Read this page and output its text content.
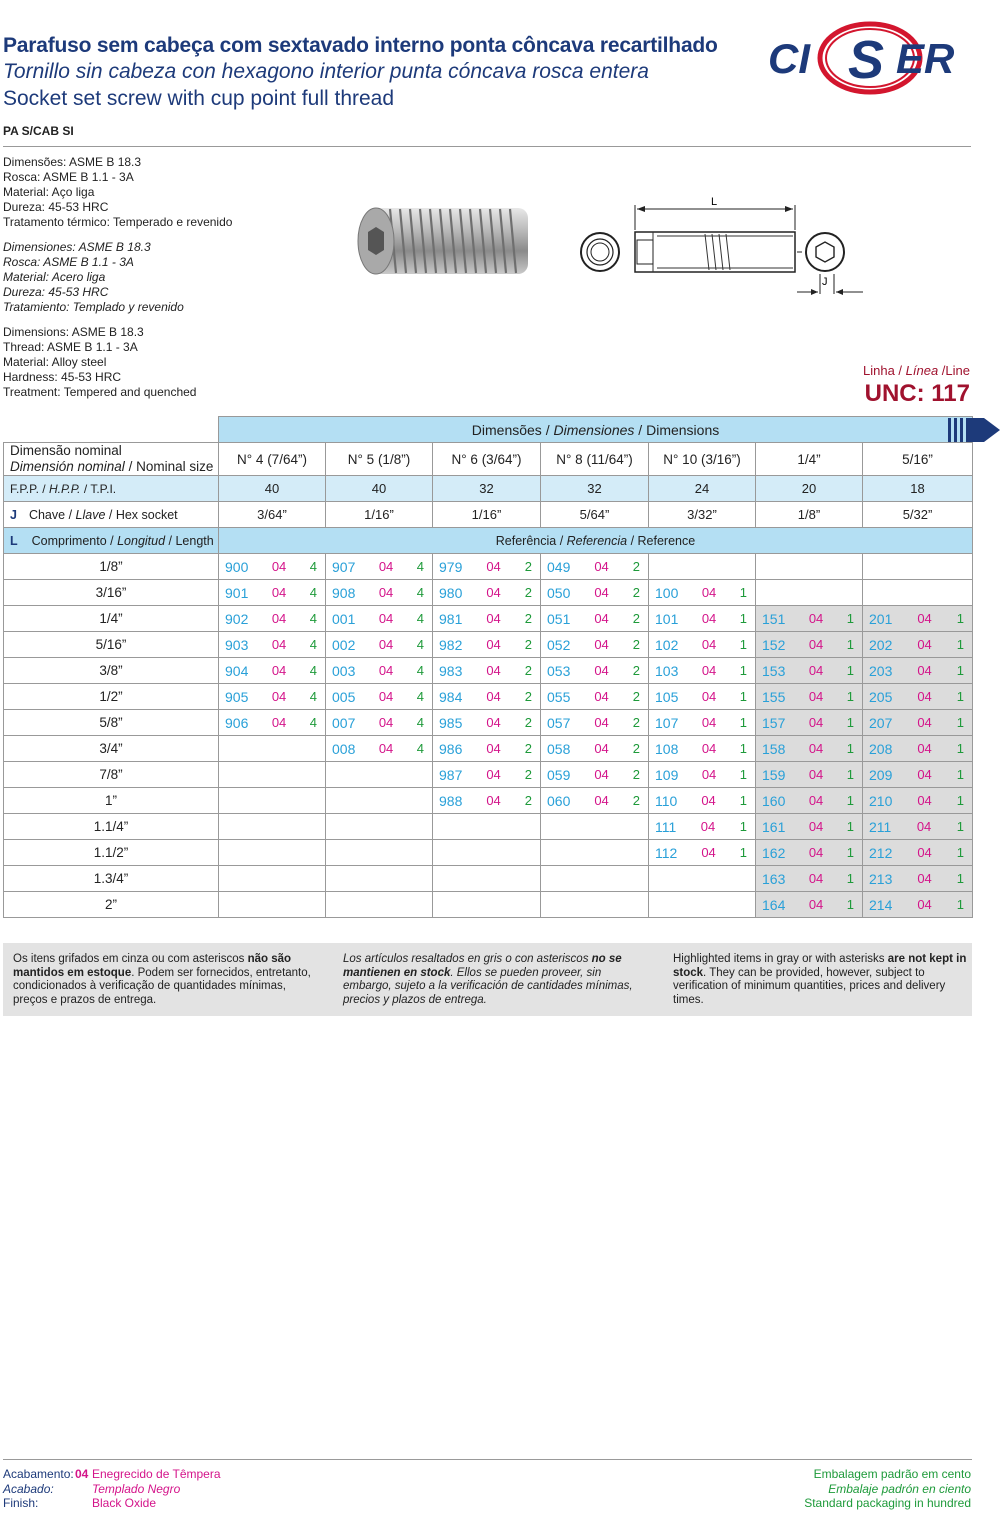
Parafuso sem cabeça com sextavado interno ponta côncava recartilhado
Tornillo sin cabeza con hexagono interior punta cóncava rosca entera
Socket set screw with cup point full thread
PA S/CAB SI
CI S ER
Dimensões: ASME B 18.3
Rosca: ASME B 1.1 - 3A
Material: Aço liga
Dureza: 45-53 HRC
Tratamento térmico: Temperado e revenido
Dimensiones: ASME B 18.3
Rosca: ASME B 1.1 - 3A
Material: Acero liga
Dureza: 45-53 HRC
Tratamiento: Templado y revenido
Dimensions: ASME B 18.3
Thread: ASME B 1.1 - 3A
Material: Alloy steel
Hardness: 45-53 HRC
Treatment: Tempered and quenched
L
J
Linha / Línea /Line
UNC: 117
	Dimensões / Dimensiones / Dimensions						

Dimensão nominal
Dimensión nominal / Nominal size	N° 4 (7/64”)	N° 5 (1/8”)	N° 6 (3/64”)	N° 8 (11/64”)	N° 10 (3/16”)	1/4”	5/16”
F.P.P. / H.P.P. / T.P.I.	40	40	32	32	24	20	18
J Chave / Llave / Hex socket	3/64”	1/16”	1/16”	5/64”	3/32”	1/8”	5/32”
L Comprimento / Longitud / Length	Referência / Referencia / Reference						
1/8”	900 04 4	907 04 4	979 04 2	049 04 2			

3/16”	901 04 4	908 04 4	980 04 2	050 04 2	100 04 1		

1/4”	902 04 4	001 04 4	981 04 2	051 04 2	101 04 1	151 04 1	201 04 1

5/16”	903 04 4	002 04 4	982 04 2	052 04 2	102 04 1	152 04 1	202 04 1

3/8”	904 04 4	003 04 4	983 04 2	053 04 2	103 04 1	153 04 1	203 04 1

1/2”	905 04 4	005 04 4	984 04 2	055 04 2	105 04 1	155 04 1	205 04 1

5/8”	906 04 4	007 04 4	985 04 2	057 04 2	107 04 1	157 04 1	207 04 1

3/4”		008 04 4	986 04 2	058 04 2	108 04 1	158 04 1	208 04 1

7/8”			987 04 2	059 04 2	109 04 1	159 04 1	209 04 1

1”			988 04 2	060 04 2	110 04 1	160 04 1	210 04 1

1.1/4”					111 04 1	161 04 1	211 04 1

1.1/2”					112 04 1	162 04 1	212 04 1

1.3/4”						163 04 1	213 04 1

2”						164 04 1	214 04 1
Os itens grifados em cinza ou com asteriscos não são mantidos em estoque. Podem ser fornecidos, entretanto, condicionados à verificação de quantidades mínimas, preços e prazos de entrega.
Los artículos resaltados en gris o con asteriscos no se mantienen en stock. Ellos se pueden proveer, sin embargo, sujeto a la verificación de cantidades mínimas, precios y plazos de entrega.
Highlighted items in gray or with asterisks are not kept in stock. They can be provided, however, subject to verification of minimum quantities, prices and delivery times.
Acabamento:04 Enegrecido de Têmpera
Acabado:	Templado Negro
Finish:	Black Oxide
Embalagem padrão em cento
Embalaje padrón en ciento
Standard packaging in hundred
